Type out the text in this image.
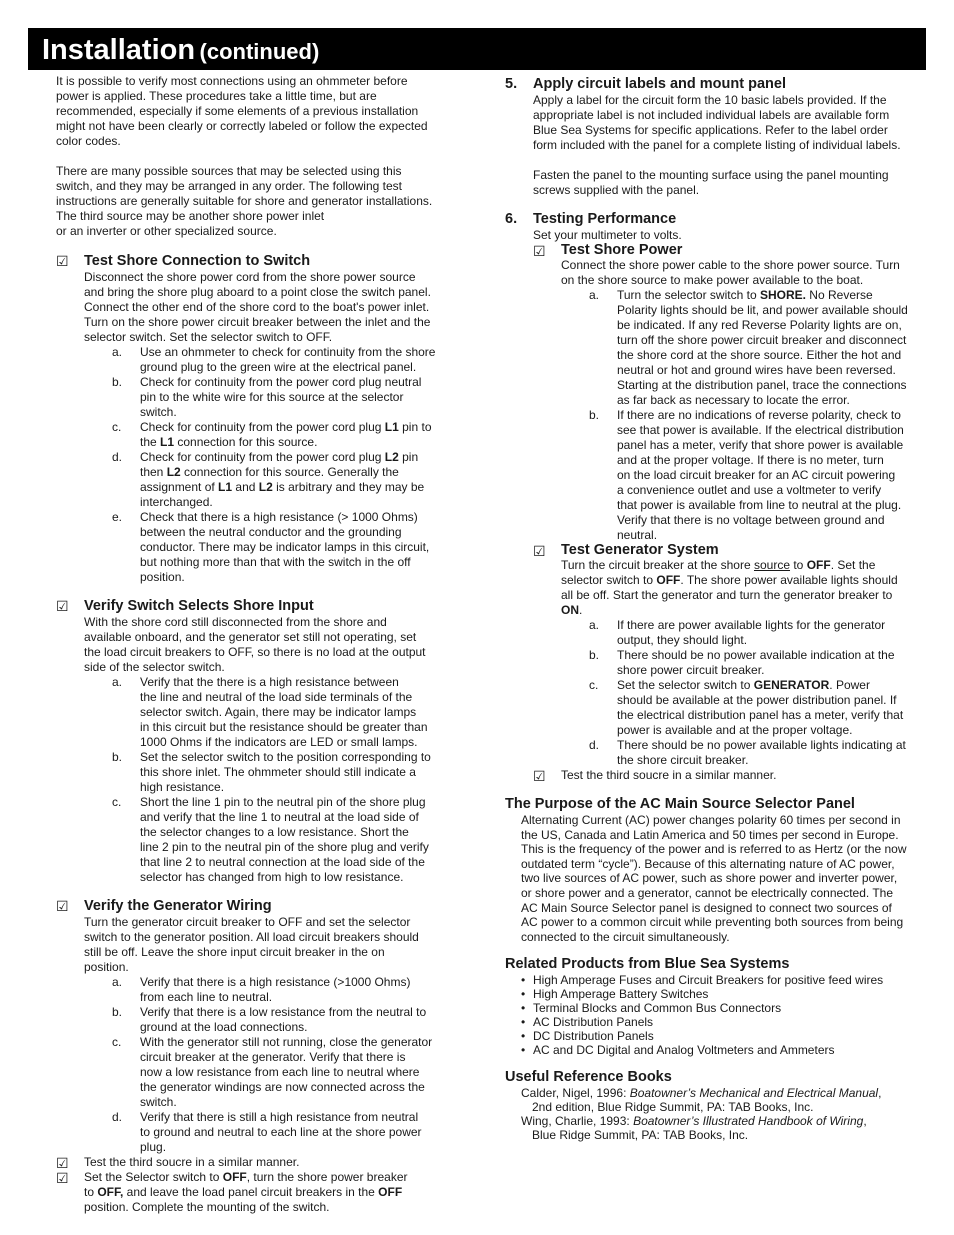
Installation (continued)

It is possible to verify most connections using an ohmmeter before
power is applied. These procedures take a little time, but are
recommended, especially if some elements of a previous installation
might not have been clearly or correctly labeled or follow the expected
color codes.

There are many possible sources that may be selected using this
switch, and they may be arranged in any order. The following test
instructions are generally suitable for shore and generator installations.
The third source may be another shore power inlet
or an inverter or other specialized source.

☑ Test Shore Connection to Switch

Disconnect the shore power cord from the shore power source
and bring the shore plug aboard to a point close the switch panel.
Connect the other end of the shore cord to the boat's power inlet.
Turn on the shore power circuit breaker between the inlet and the
selector switch. Set the selector switch to OFF.

a. Use an ohmmeter to check for continuity from the shore
ground plug to the green wire at the electrical panel.

b. Check for continuity from the power cord plug neutral
pin to the white wire for this source at the selector
switch.

c. Check for continuity from the power cord plug L1 pin to
the L1 connection for this source.

d. Check for continuity from the power cord plug L2 pin
then L2 connection for this source. Generally the
assignment of L1 and L2 is arbitrary and they may be
interchanged.

e. Check that there is a high resistance (> 1000 Ohms)
between the neutral conductor and the grounding
conductor. There may be indicator lamps in this circuit,
but nothing more than that with the switch in the off
position.

☑ Verify Switch Selects Shore Input

With the shore cord still disconnected from the shore and
available onboard, and the generator set still not operating, set
the load circuit breakers to OFF, so there is no load at the output
side of the selector switch.

a. Verify that the there is a high resistance between
the line and neutral of the load side terminals of the
selector switch. Again, there may be indicator lamps
in this circuit but the resistance should be greater than
1000 Ohms if the indicators are LED or small lamps.

b. Set the selector switch to the position corresponding to
this shore inlet. The ohmmeter should still indicate a
high resistance.

c. Short the line 1 pin to the neutral pin of the shore plug
and verify that the line 1 to neutral at the load side of
the selector changes to a low resistance. Short the
line 2 pin to the neutral pin of the shore plug and verify
that line 2 to neutral connection at the load side of the
selector has changed from high to low resistance.

☑ Verify the Generator Wiring

Turn the generator circuit breaker to OFF and set the selector
switch to the generator position. All load circuit breakers should
still be off. Leave the shore input circuit breaker in the on
position.

a. Verify that there is a high resistance (>1000 Ohms)
from each line to neutral.

b. Verify that there is a low resistance from the neutral to
ground at the load connections.

c. With the generator still not running, close the generator
circuit breaker at the generator. Verify that there is
now a low resistance from each line to neutral where
the generator windings are now connected across the
switch.

d. Verify that there is still a high resistance from neutral
to ground and neutral to each line at the shore power
plug.

☑ Test the third soucre in a similar manner.

☑ Set the Selector switch to OFF, turn the shore power breaker
to OFF, and leave the load panel circuit breakers in the OFF
position. Complete the mounting of the switch.

5. Apply circuit labels and mount panel

Apply a label for the circuit form the 10 basic labels provided. If the
appropriate label is not included individual labels are available form
Blue Sea Systems for specific applications. Refer to the label order
form included with the panel for a complete listing of individual labels.

Fasten the panel to the mounting surface using the panel mounting
screws supplied with the panel.

6. Testing Performance

Set your multimeter to volts.

☑ Test Shore Power

Connect the shore power cable to the shore power source. Turn
on the shore source to make power available to the boat.

a. Turn the selector switch to SHORE. No Reverse
Polarity lights should be lit, and power available should
be indicated. If any red Reverse Polarity lights are on,
turn off the shore power circuit breaker and disconnect
the shore cord at the shore source. Either the hot and
neutral or hot and ground wires have been reversed.
Starting at the distribution panel, trace the connections
as far back as necessary to locate the error.

b. If there are no indications of reverse polarity, check to
see that power is available. If the electrical distribution
panel has a meter, verify that shore power is available
and at the proper voltage. If there is no meter, turn
on the load circuit breaker for an AC circuit powering
a convenience outlet and use a voltmeter to verify
that power is available from line to neutral at the plug.
Verify that there is no voltage between ground and
neutral.

☑ Test Generator System

Turn the circuit breaker at the shore source to OFF. Set the
selector switch to OFF. The shore power available lights should
all be off. Start the generator and turn the generator breaker to
ON.

a. If there are power available lights for the generator
output, they should light.

b. There should be no power available indication at the
shore power circuit breaker.

c. Set the selector switch to GENERATOR. Power
should be available at the power distribution panel. If
the electrical distribution panel has a meter, verify that
power is available and at the proper voltage.

d. There should be no power available lights indicating at
the shore circuit breaker.

☑ Test the third soucre in a similar manner.

The Purpose of the AC Main Source Selector Panel

Alternating Current (AC) power changes polarity 60 times per second in
the US, Canada and Latin America and 50 times per second in Europe.
This is the frequency of the power and is referred to as Hertz (or the now
outdated term “cycle”). Because of this alternating nature of AC power,
two live sources of AC power, such as shore power and inverter power,
or shore power and a generator, cannot be electrically connected. The
AC Main Source Selector panel is designed to connect two sources of
AC power to a common circuit while preventing both sources from being
connected to the circuit simultaneously.

Related Products from Blue Sea Systems
• High Amperage Fuses and Circuit Breakers for positive feed wires
• High Amperage Battery Switches
• Terminal Blocks and Common Bus Connectors
• AC Distribution Panels
• DC Distribution Panels
• AC and DC Digital and Analog Voltmeters and Ammeters
Useful Reference Books
Calder, Nigel, 1996: Boatowner’s Mechanical and Electrical Manual,
2nd edition, Blue Ridge Summit, PA: TAB Books, Inc.
Wing, Charlie, 1993: Boatowner’s Illustrated Handbook of Wiring,
Blue Ridge Summit, PA: TAB Books, Inc.
